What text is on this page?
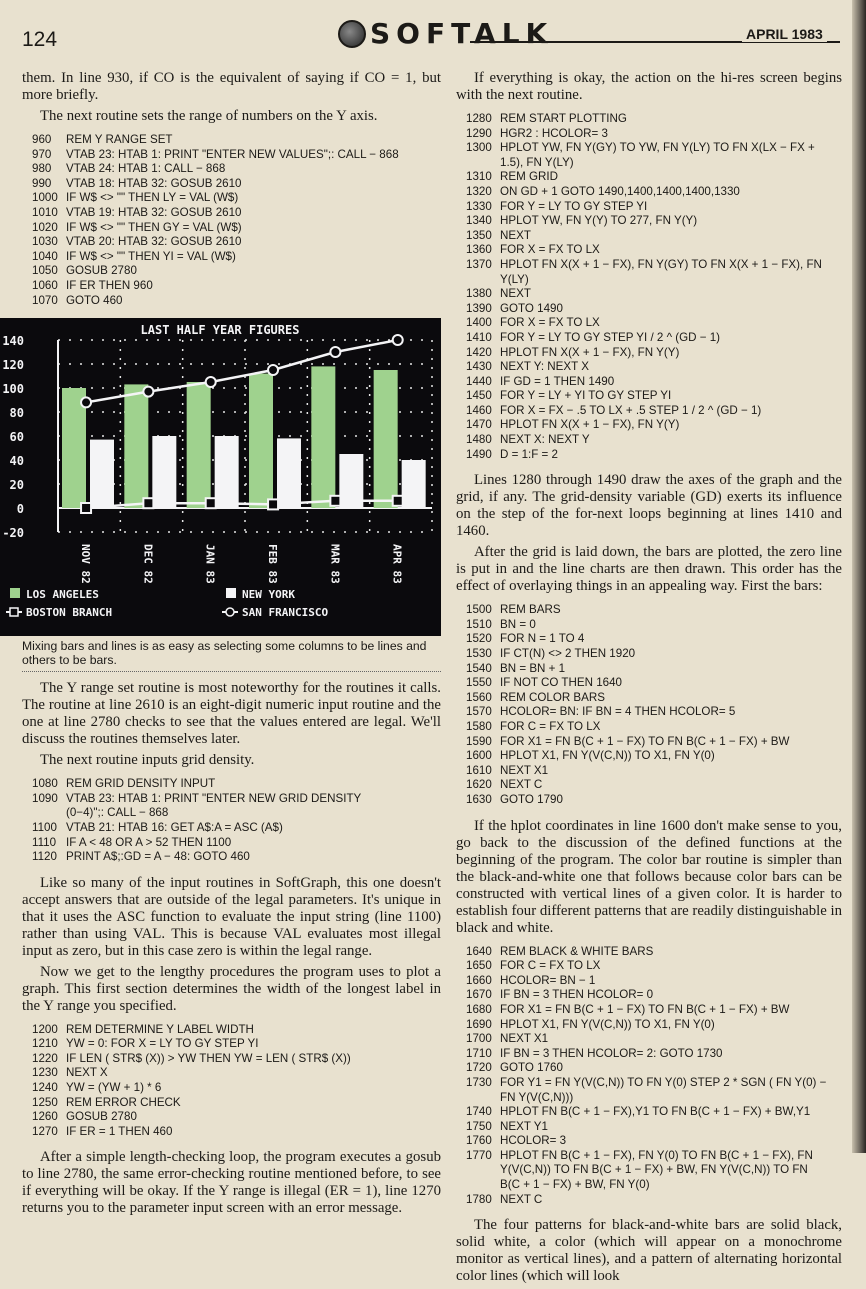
124	SOFTALK	APRIL 1983

them. In line 930, if CO is the equivalent of saying if CO = 1, but more briefly.

The next routine sets the range of numbers on the Y axis.

960	REM Y RANGE SET
970	VTAB 23: HTAB 1: PRINT "ENTER NEW VALUES";: CALL − 868
980	VTAB 24: HTAB 1: CALL − 868
990	VTAB 18: HTAB 32: GOSUB 2610
1000 IF W$ <> "" THEN LY = VAL (W$)
1010 VTAB 19: HTAB 32: GOSUB 2610
1020 IF W$ <> "" THEN GY = VAL (W$)
1030 VTAB 20: HTAB 32: GOSUB 2610
1040 IF W$ <> "" THEN YI = VAL (W$)
1050 GOSUB 2780
1060 IF ER THEN 960
1070 GOTO 460
LAST HALF YEAR FIGURES
140
120
100
80
60
40
20
0
-20
NOV 82	DEC 82	JAN 83	FEB 83	MAR 83	APR 83
LOS ANGELES	NEW YORK
BOSTON BRANCH	SAN FRANCISCO
Mixing bars and lines is as easy as selecting some columns to be lines and others to be bars.

The Y range set routine is most noteworthy for the routines it calls. The routine at line 2610 is an eight-digit numeric input routine and the one at line 2780 checks to see that the values entered are legal. We'll discuss the routines themselves later.

The next routine inputs grid density.

1080 REM GRID DENSITY INPUT
1090 VTAB 23: HTAB 1: PRINT "ENTER NEW GRID DENSITY
(0−4)";: CALL − 868
1100 VTAB 21: HTAB 16: GET A$:A = ASC (A$)
1110 IF A < 48 OR A > 52 THEN 1100
1120 PRINT A$;:GD = A − 48: GOTO 460

Like so many of the input routines in SoftGraph, this one doesn't accept answers that are outside of the legal parameters. It's unique in that it uses the ASC function to evaluate the input string (line 1100) rather than using VAL. This is because VAL evaluates most illegal input as zero, but in this case zero is within the legal range.

Now we get to the lengthy procedures the program uses to plot a graph. This first section determines the width of the longest label in the Y range you specified.

1200 REM DETERMINE Y LABEL WIDTH
1210 YW = 0: FOR X = LY TO GY STEP YI
1220 IF LEN ( STR$ (X)) > YW THEN YW = LEN ( STR$ (X))
1230 NEXT X
1240 YW = (YW + 1) * 6
1250 REM ERROR CHECK
1260 GOSUB 2780
1270 IF ER = 1 THEN 460

After a simple length-checking loop, the program executes a gosub to line 2780, the same error-checking routine mentioned before, to see if everything will be okay. If the Y range is illegal (ER = 1), line 1270 returns you to the parameter input screen with an error message.

If everything is okay, the action on the hi-res screen begins with the next routine.

1280 REM START PLOTTING
1290 HGR2 : HCOLOR= 3
1300 HPLOT YW, FN Y(GY) TO YW, FN Y(LY) TO FN X(LX − FX +
1.5), FN Y(LY)
1310 REM GRID
1320 ON GD + 1 GOTO 1490,1400,1400,1400,1330
1330 FOR Y = LY TO GY STEP YI
1340 HPLOT YW, FN Y(Y) TO 277, FN Y(Y)
1350 NEXT
1360 FOR X = FX TO LX
1370 HPLOT FN X(X + 1 − FX), FN Y(GY) TO FN X(X + 1 − FX), FN
Y(LY)
1380 NEXT
1390 GOTO 1490
1400 FOR X = FX TO LX
1410 FOR Y = LY TO GY STEP YI / 2 ^ (GD − 1)
1420 HPLOT FN X(X + 1 − FX), FN Y(Y)
1430 NEXT Y: NEXT X
1440 IF GD = 1 THEN 1490
1450 FOR Y = LY + YI TO GY STEP YI
1460 FOR X = FX − .5 TO LX + .5 STEP 1 / 2 ^ (GD − 1)
1470 HPLOT FN X(X + 1 − FX), FN Y(Y)
1480 NEXT X: NEXT Y
1490 D = 1:F = 2

Lines 1280 through 1490 draw the axes of the graph and the grid, if any. The grid-density variable (GD) exerts its influence on the step of the for-next loops beginning at lines 1410 and 1460.

After the grid is laid down, the bars are plotted, the zero line is put in and the line charts are then drawn. This order has the effect of overlaying things in an appealing way. First the bars:

1500 REM BARS
1510 BN = 0
1520 FOR N = 1 TO 4
1530 IF CT(N) <> 2 THEN 1920
1540 BN = BN + 1
1550 IF NOT CO THEN 1640
1560 REM COLOR BARS
1570 HCOLOR= BN: IF BN = 4 THEN HCOLOR= 5
1580 FOR C = FX TO LX
1590 FOR X1 = FN B(C + 1 − FX) TO FN B(C + 1 − FX) + BW
1600 HPLOT X1, FN Y(V(C,N)) TO X1, FN Y(0)
1610 NEXT X1
1620 NEXT C
1630 GOTO 1790

If the hplot coordinates in line 1600 don't make sense to you, go back to the discussion of the defined functions at the beginning of the program. The color bar routine is simpler than the black-and-white one that follows because color bars can be constructed with vertical lines of a given color. It is harder to establish four different patterns that are readily distinguishable in black and white.

1640 REM BLACK & WHITE BARS
1650 FOR C = FX TO LX
1660 HCOLOR= BN − 1
1670 IF BN = 3 THEN HCOLOR= 0
1680 FOR X1 = FN B(C + 1 − FX) TO FN B(C + 1 − FX) + BW
1690 HPLOT X1, FN Y(V(C,N)) TO X1, FN Y(0)
1700 NEXT X1
1710 IF BN = 3 THEN HCOLOR= 2: GOTO 1730
1720 GOTO 1760
1730 FOR Y1 = FN Y(V(C,N)) TO FN Y(0) STEP 2 * SGN ( FN Y(0) −
FN Y(V(C,N)))
1740 HPLOT FN B(C + 1 − FX),Y1 TO FN B(C + 1 − FX) + BW,Y1
1750 NEXT Y1
1760 HCOLOR= 3
1770 HPLOT FN B(C + 1 − FX), FN Y(0) TO FN B(C + 1 − FX), FN
Y(V(C,N)) TO FN B(C + 1 − FX) + BW, FN Y(V(C,N)) TO FN
B(C + 1 − FX) + BW, FN Y(0)
1780 NEXT C

The four patterns for black-and-white bars are solid black, solid white, a color (which will appear on a monochrome monitor as vertical lines), and a pattern of alternating horizontal color lines (which will look
